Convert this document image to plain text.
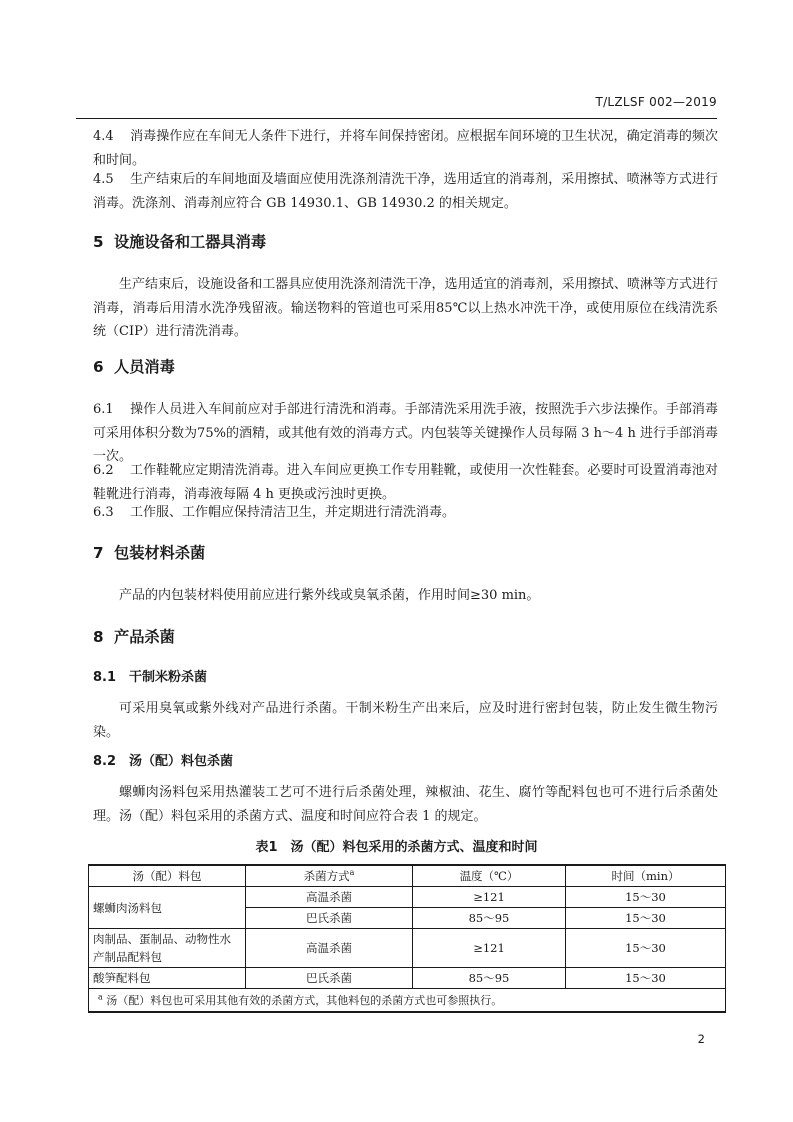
T/LZLSF 002—2019

4.4 消毒操作应在车间无人条件下进行，并将车间保持密闭。应根据车间环境的卫生状况，确定消毒的频次和时间。

4.5 生产结束后的车间地面及墙面应使用洗涤剂清洗干净，选用适宜的消毒剂，采用擦拭、喷淋等方式进行消毒。洗涤剂、消毒剂应符合 GB 14930.1、GB 14930.2 的相关规定。

5 设施设备和工器具消毒

生产结束后，设施设备和工器具应使用洗涤剂清洗干净，选用适宜的消毒剂，采用擦拭、喷淋等方式进行消毒，消毒后用清水洗净残留液。输送物料的管道也可采用85℃以上热水冲洗干净，或使用原位在线清洗系统（CIP）进行清洗消毒。

6 人员消毒

6.1 操作人员进入车间前应对手部进行清洗和消毒。手部清洗采用洗手液，按照洗手六步法操作。手部消毒可采用体积分数为75%的酒精，或其他有效的消毒方式。内包装等关键操作人员每隔 3 h～4 h 进行手部消毒一次。

6.2 工作鞋靴应定期清洗消毒。进入车间应更换工作专用鞋靴，或使用一次性鞋套。必要时可设置消毒池对鞋靴进行消毒，消毒液每隔 4 h 更换或污浊时更换。

6.3 工作服、工作帽应保持清洁卫生，并定期进行清洗消毒。

7 包装材料杀菌

产品的内包装材料使用前应进行紫外线或臭氧杀菌，作用时间≥30 min。

8 产品杀菌
8.1 干制米粉杀菌

可采用臭氧或紫外线对产品进行杀菌。干制米粉生产出来后，应及时进行密封包装，防止发生微生物污染。

8.2 汤（配）料包杀菌

螺蛳肉汤料包采用热灌装工艺可不进行后杀菌处理，辣椒油、花生、腐竹等配料包也可不进行后杀菌处理。汤（配）料包采用的杀菌方式、温度和时间应符合表 1 的规定。

表1　汤（配）料包采用的杀菌方式、温度和时间

汤（配）料包	杀菌方式$^a$	温度（℃）	时间（min）
螺蛳肉汤料包	高温杀菌	≥121	15～30
	巴氏杀菌	85～95	15～30
肉制品、蛋制品、动物性水产制品配料包	高温杀菌	≥121	15～30
酸笋配料包	巴氏杀菌	85～95	15～30
$^a$ 汤（配）料包也可采用其他有效的杀菌方式，其他料包的杀菌方式也可参照执行。			
2
